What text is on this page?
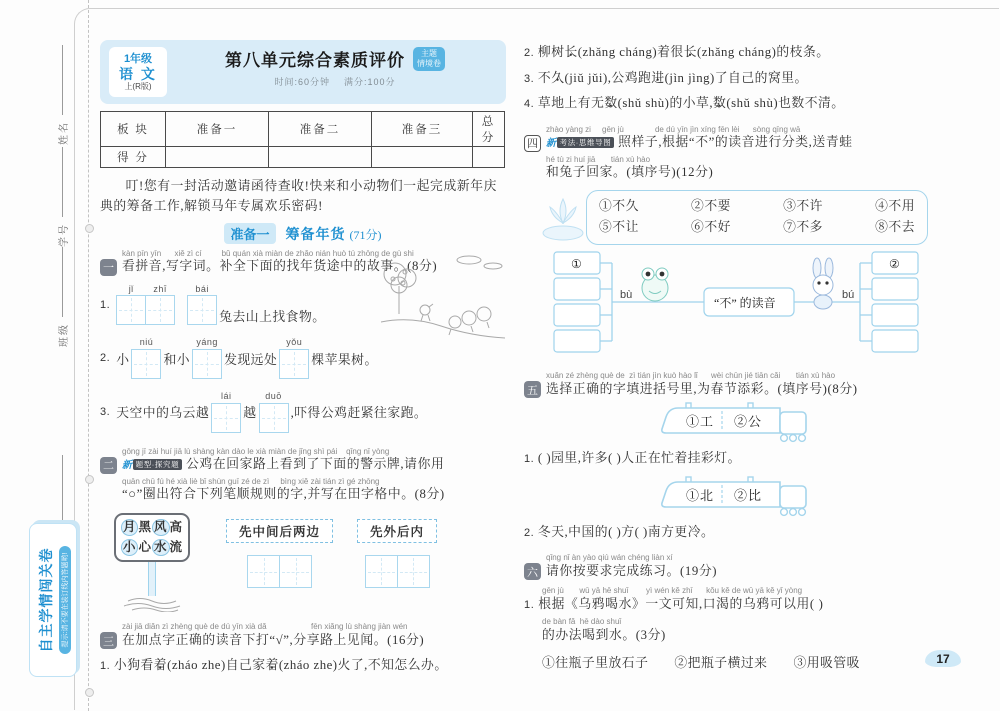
姓名
学号
班级
自主学情闯关卷	提示:请不要在装订线内答题哟!
1年级
语 文
上(R版)
第八单元综合素质评价	主题
情境卷
时间:60分钟    满分:100分
板 块	准备一	准备二	准备三	总 分
得 分				
叮!您有一封活动邀请函待查收!快来和小动物们一起完成新年庆典的筹备工作,解锁马年专属欢乐密码!
准备一 筹备年货 (71分)
一
kàn pīn yīn      xiě zì cí         bǔ quán xià miàn de zhǎo nián huò tú zhōng de gù shi
看拼音,写字词。补全下面的找年货途中的故事。(8分)
1.
jǐ zhī	bái
兔去山上找食物。
2. 小
niú
和小
yáng
发现远处
yǒu
棵苹果树。
3. 天空中的乌云越
lái
越
duō
,吓得公鸡赶紧往家跑。
二
gōng jī zài huí jiā lù shàng kàn dào le xià miàn de jǐng shì pái    qǐng nǐ yòng
新 题型·探究题 公鸡在回家路上看到了下面的警示牌,请你用
quān chū fú hé xià liè bǐ shùn guī zé de zì     bìng xiě zài tián zì gé zhōng
“○”圈出符合下列笔顺规则的字,并写在田字格中。(8分)
月 黑 风 高
小 心 水 流
先中间后两边	先外后内
三
zài jiā diǎn zì zhèng què de dú yīn xià dǎ                    fēn xiǎng lù shàng jiàn wén
在加点字正确的读音下打“√”,分享路上见闻。(16分)
1. 小狗看着 •(zháo zhe)自己家着 •(zháo zhe)火了,不知怎么办。
2. 柳树长 •(zhǎng cháng)着很长 •(zhǎng cháng)的枝条。
3. 不久 •(jiǔ jǔi),公鸡跑进 •(jìn jìng)了自己的窝里。
4. 草地上有无数 •(shǔ shù)的小草,数 •(shǔ shù)也数不清。
四
zhào yàng zi     gēn jù              de dú yīn jìn xíng fēn lèi      sòng qīng wā
新 考法·思维导图 照样子,根据“不”的读音进行分类,送青蛙
hé tù zi huí jiā       tián xù hào
和兔子回家。(填序号)(12分)
①不久	②不要	③不许	④不用
⑤不让	⑥不好	⑦不多	⑧不去
①	②
bù
“不” 的读音
bú
五
xuǎn zé zhèng què de  zì tián jìn kuò hào lǐ      wèi chūn jié tiān cǎi       tián xù hào
选择正确的字填进括号里,为春节添彩。(填序号)(8分)
①工 ②公
1. ( )园里,许多( )人正在忙着挂彩灯。
①北 ②比
2. 冬天,中国的( )方( )南方更冷。
六
qǐng nǐ àn yào qiú wán chéng liàn xí
请你按要求完成练习。(19分)
gēn jù       wū yā hē shuǐ        yì wén kě zhī      kǒu kě de wū yā kě yǐ yòng
1. 根据《乌鸦喝水》一文可知,口渴的乌鸦可以用( )
de bàn fǎ  hē dào shuǐ
的办法喝到水。(3分)
①往瓶子里放石子 ②把瓶子横过来 ③用吸管吸	17
